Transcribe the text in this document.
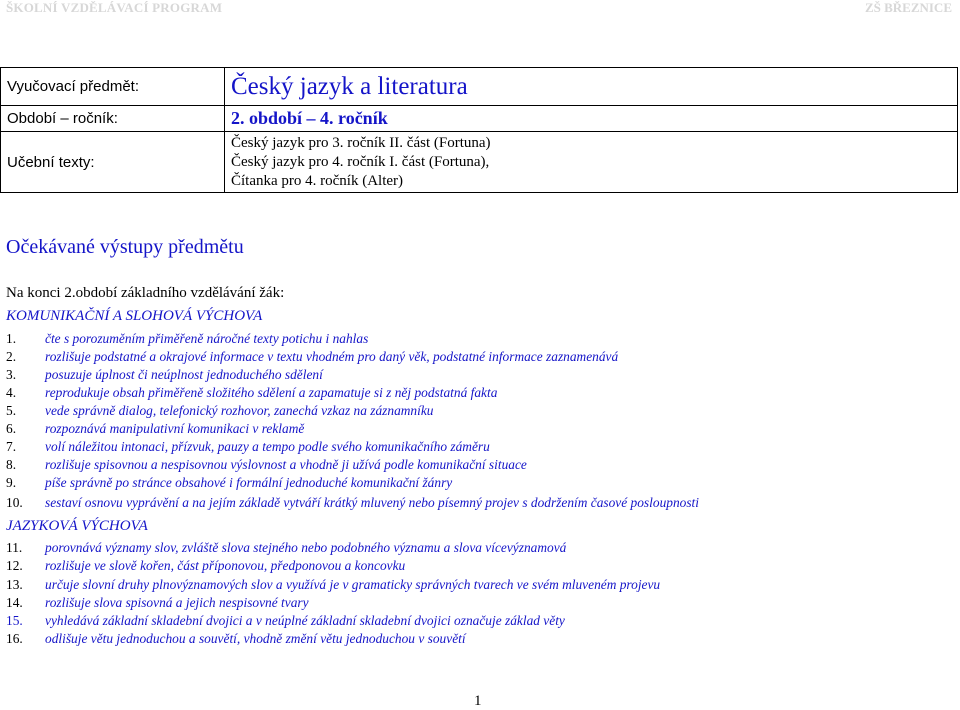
ŠKOLNÍ VZDĚLÁVACÍ PROGRAM	ZŠ BŘEZNICE
Vyučovací předmět:	Český jazyk a literatura
Období – ročník:	2. období – 4. ročník
Učební texty:	Český jazyk pro 3. ročník II. část (Fortuna)
Český jazyk pro 4. ročník I. část (Fortuna),
Čítanka pro 4. ročník (Alter)
Očekávané výstupy předmětu
Na konci 2.období základního vzdělávání žák:
KOMUNIKAČNÍ A SLOHOVÁ VÝCHOVA
1. čte s porozuměním přiměřeně náročné texty potichu i nahlas
2. rozlišuje podstatné a okrajové informace v textu vhodném pro daný věk, podstatné informace zaznamenává
3. posuzuje úplnost či neúplnost jednoduchého sdělení
4. reprodukuje obsah přiměřeně složitého sdělení a zapamatuje si z něj podstatná fakta
5. vede správně dialog, telefonický rozhovor, zanechá vzkaz na záznamníku
6. rozpoznává manipulativní komunikaci v reklamě
7. volí náležitou intonaci, přízvuk, pauzy a tempo podle svého komunikačního záměru
8. rozlišuje spisovnou a nespisovnou výslovnost a vhodně ji užívá podle komunikační situace
9. píše správně po stránce obsahové i formální jednoduché komunikační žánry
10. sestaví osnovu vyprávění a na jejím základě vytváří krátký mluvený nebo písemný projev s dodržením časové posloupnosti
JAZYKOVÁ VÝCHOVA
11. porovnává významy slov, zvláště slova stejného nebo podobného významu a slova vícevýznamová
12. rozlišuje ve slově kořen, část příponovou, předponovou a koncovku
13. určuje slovní druhy plnovýznamových slov a využívá je v gramaticky správných tvarech ve svém mluveném projevu
14. rozlišuje slova spisovná a jejich nespisovné tvary
15. vyhledává základní skladební dvojici a v neúplné základní skladební dvojici označuje základ věty
16. odlišuje větu jednoduchou a souvětí, vhodně změní větu jednoduchou v souvětí
1
